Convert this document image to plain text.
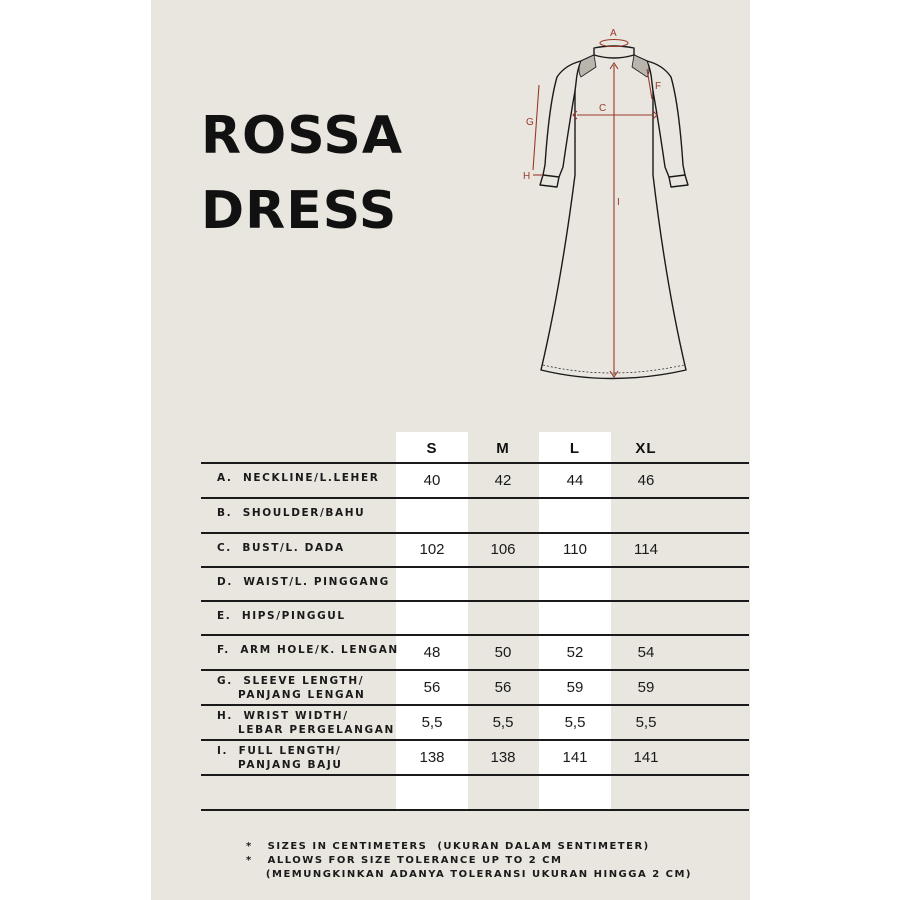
ROSSA
DRESS
A
C
F
G
H
I
S	M	L	XL
A.  NECKLINE/L.LEHER	40	42	44	46
B.  SHOULDER/BAHU
C.  BUST/L. DADA	102	106	110	114
D.  WAIST/L. PINGGANG
E.  HIPS/PINGGUL
F.  ARM HOLE/K. LENGAN	48	50	52	54
G.  SLEEVE LENGTH/
PANJANG LENGAN	56	56	59	59
H.  WRIST WIDTH/
LEBAR PERGELANGAN	5,5	5,5	5,5	5,5
I.  FULL LENGTH/
PANJANG BAJU	138	138	141	141
*   SIZES IN CENTIMETERS  (UKURAN DALAM SENTIMETER)
*   ALLOWS FOR SIZE TOLERANCE UP TO 2 CM
(MEMUNGKINKAN ADANYA TOLERANSI UKURAN HINGGA 2 CM)
